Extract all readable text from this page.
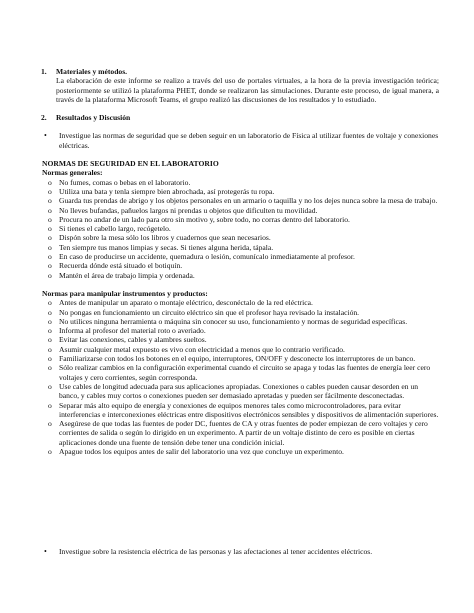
1.	Materiales y métodos.
La elaboración de este informe se realizo a través del uso de portales virtuales, a la hora de la previa investigación teórica; posteriormente se utilizó la plataforma PHET, donde se realizaron las simulaciones. Durante este proceso, de igual manera, a través de la plataforma Microsoft Teams, el grupo realizó las discusiones de los resultados y lo estudiado.
2.	Resultados y Discusión
•	Investigue las normas de seguridad que se deben seguir en un laboratorio de Física al utilizar fuentes de voltaje y conexiones eléctricas.
NORMAS DE SEGURIDAD EN EL LABORATORIO
Normas generales:
o No fumes, comas o bebas en el laboratorio.
o Utiliza una bata y tenla siempre bien abrochada, así protegerás tu ropa.
o Guarda tus prendas de abrigo y los objetos personales en un armario o taquilla y no los dejes nunca sobre la mesa de trabajo.
o No lleves bufandas, pañuelos largos ni prendas u objetos que dificulten tu movilidad.
o Procura no andar de un lado para otro sin motivo y, sobre todo, no corras dentro del laboratorio.
o Si tienes el cabello largo, recógetelo.
o Dispón sobre la mesa sólo los libros y cuadernos que sean necesarios.
o Ten siempre tus manos limpias y secas. Si tienes alguna herida, tápala.
o En caso de producirse un accidente, quemadura o lesión, comunícalo inmediatamente al profesor.
o Recuerda dónde está situado el botiquín.
o Mantén el área de trabajo limpia y ordenada.
Normas para manipular instrumentos y productos:
o Antes de manipular un aparato o montaje eléctrico, desconéctalo de la red eléctrica.
o No pongas en funcionamiento un circuito eléctrico sin que el profesor haya revisado la instalación.
o No utilices ninguna herramienta o máquina sin conocer su uso, funcionamiento y normas de seguridad específicas.
o Informa al profesor del material roto o averiado.
o Evitar las conexiones, cables y alambres sueltos.
o Asumir cualquier metal expuesto es vivo con electricidad a menos que lo contrario verificado.
o Familiarizarse con todos los botones en el equipo, interruptores, ON/OFF y desconecte los interruptores de un banco.
o Sólo realizar cambios en la configuración experimental cuando el circuito se apaga y todas las fuentes de energía leer cero voltajes y cero corrientes, según corresponda.
o Use cables de longitud adecuada para sus aplicaciones apropiadas. Conexiones o cables pueden causar desorden en un banco, y cables muy cortos o conexiones pueden ser demasiado apretadas y pueden ser fácilmente desconectadas.
o Separar más alto equipo de energía y conexiones de equipos menores tales como microcontroladores, para evitar interferencias e interconexiones eléctricas entre dispositivos electrónicos sensibles y dispositivos de alimentación superiores.
o Asegúrese de que todas las fuentes de poder DC, fuentes de CA y otras fuentes de poder empiezan de cero voltajes y cero corrientes de salida o según lo dirigido en un experimento. A partir de un voltaje distinto de cero es posible en ciertas aplicaciones donde una fuente de tensión debe tener una condición inicial.
o Apague todos los equipos antes de salir del laboratorio una vez que concluye un experimento.
•	Investigue sobre la resistencia eléctrica de las personas y las afectaciones al tener accidentes eléctricos.
